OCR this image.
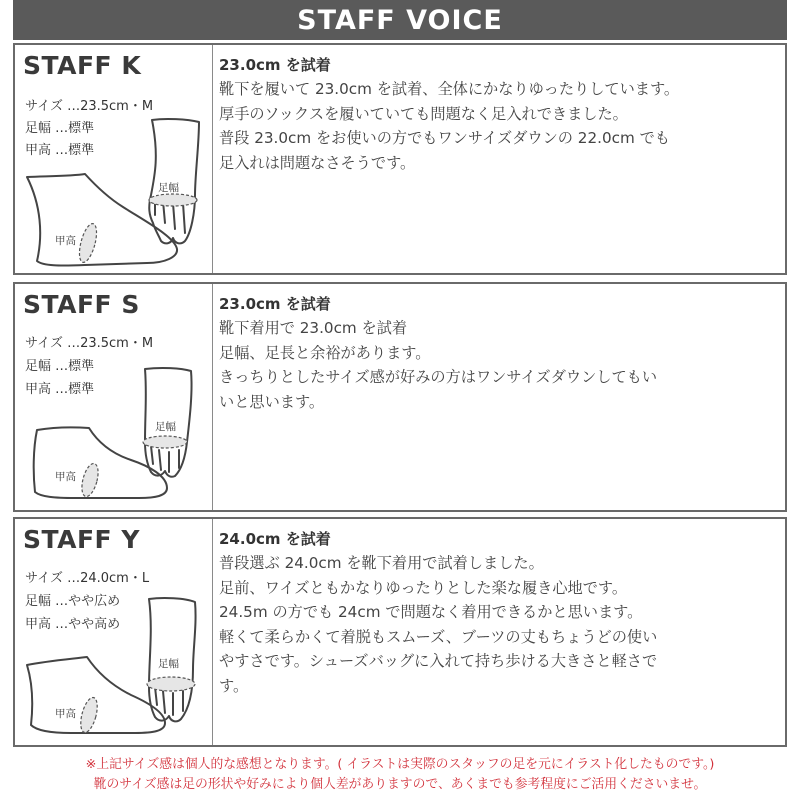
STAFF VOICE
STAFF K
サイズ …23.5cm・M
足幅 …標準
甲高 …標準
甲高
足幅
23.0cm を試着
靴下を履いて 23.0cm を試着、全体にかなりゆったりしています。
厚手のソックスを履いていても問題なく足入れできました。
普段 23.0cm をお使いの方でもワンサイズダウンの 22.0cm でも
足入れは問題なさそうです。
STAFF S
サイズ …23.5cm・M
足幅 …標準
甲高 …標準
甲高
足幅
23.0cm を試着
靴下着用で 23.0cm を試着
足幅、足長と余裕があります。
きっちりとしたサイズ感が好みの方はワンサイズダウンしてもい
いと思います。
STAFF Y
サイズ …24.0cm・L
足幅 …やや広め
甲高 …やや高め
甲高
足幅
24.0cm を試着
普段選ぶ 24.0cm を靴下着用で試着しました。
足前、ワイズともかなりゆったりとした楽な履き心地です。
24.5m の方でも 24cm で問題なく着用できるかと思います。
軽くて柔らかくて着脱もスムーズ、ブーツの丈もちょうどの使い
やすさです。シューズバッグに入れて持ち歩ける大きさと軽さで
す。
※上記サイズ感は個人的な感想となります。( イラストは実際のスタッフの足を元にイラスト化したものです。)
靴のサイズ感は足の形状や好みにより個人差がありますので、あくまでも参考程度にご活用くださいませ。
